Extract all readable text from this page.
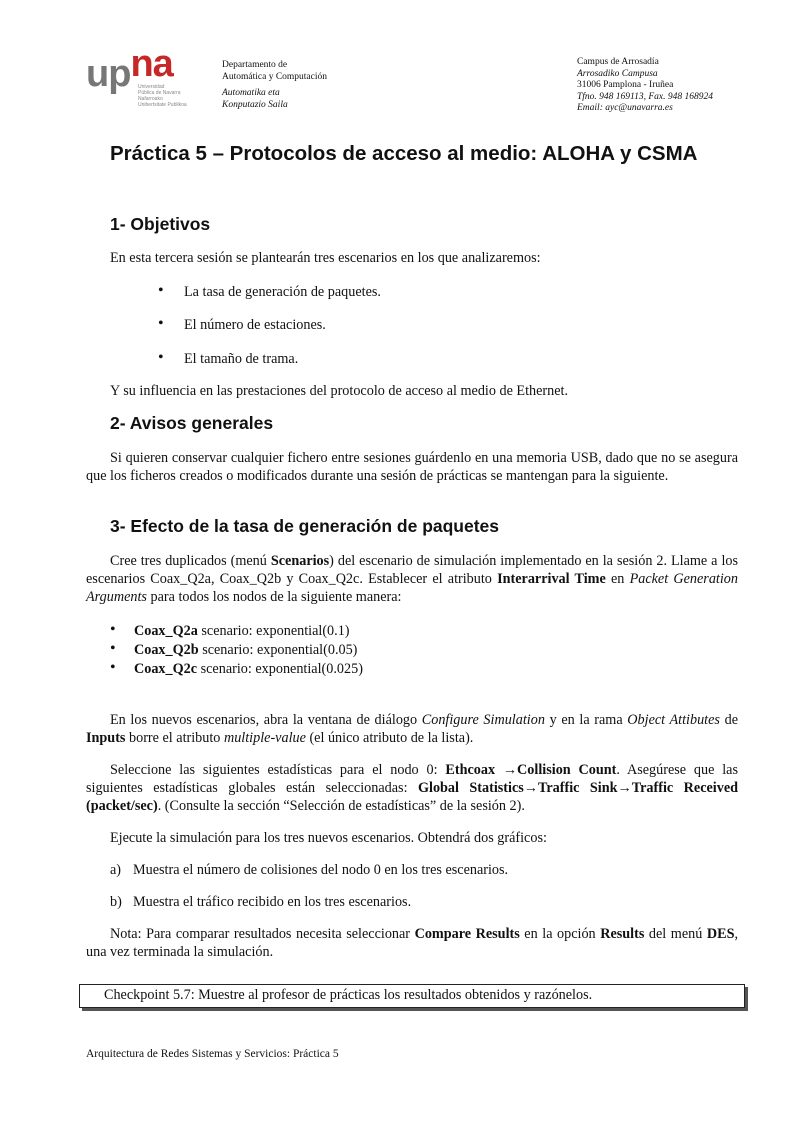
upna
Universidad
Pública de Navarra
Nafarroako
Unibertsitate Publikoa
Departamento de
Automática y Computación
Automatika eta
Konputazio Saila
Campus de Arrosadía
Arrosadiko Campusa
31006 Pamplona - Iruñea
Tfno. 948 169113, Fax. 948 168924
Email: ayc@unavarra.es
Práctica 5 – Protocolos de acceso al medio: ALOHA y CSMA
1- Objetivos

En esta tercera sesión se plantearán tres escenarios en los que analizaremos:

• La tasa de generación de paquetes.
• El número de estaciones.
• El tamaño de trama.

Y su influencia en las prestaciones del protocolo de acceso al medio de Ethernet.

2- Avisos generales

Si quieren conservar cualquier fichero entre sesiones guárdenlo en una memoria USB, dado que no se asegura que los ficheros creados o modificados durante una sesión de prácticas se mantengan para la siguiente.

3- Efecto de la tasa de generación de paquetes

Cree tres duplicados (menú Scenarios) del escenario de simulación implementado en la sesión 2. Llame a los escenarios Coax_Q2a, Coax_Q2b y Coax_Q2c. Establecer el atributo Interarrival Time en Packet Generation Arguments para todos los nodos de la siguiente manera:

• Coax_Q2a scenario: exponential(0.1)
• Coax_Q2b scenario: exponential(0.05)
• Coax_Q2c scenario: exponential(0.025)

En los nuevos escenarios, abra la ventana de diálogo Configure Simulation y en la rama Object Attibutes de Inputs borre el atributo multiple-value (el único atributo de la lista).

Seleccione las siguientes estadísticas para el nodo 0: Ethcoax →Collision Count. Asegúrese que las siguientes estadísticas globales están seleccionadas: Global Statistics→Traffic Sink→Traffic Received (packet/sec). (Consulte la sección “Selección de estadísticas” de la sesión 2).

Ejecute la simulación para los tres nuevos escenarios. Obtendrá dos gráficos:

a) Muestra el número de colisiones del nodo 0 en los tres escenarios.
b) Muestra el tráfico recibido en los tres escenarios.

Nota: Para comparar resultados necesita seleccionar Compare Results en la opción Results del menú DES, una vez terminada la simulación.

Checkpoint 5.7: Muestre al profesor de prácticas los resultados obtenidos y razónelos.
Arquitectura de Redes Sistemas y Servicios: Práctica 5
